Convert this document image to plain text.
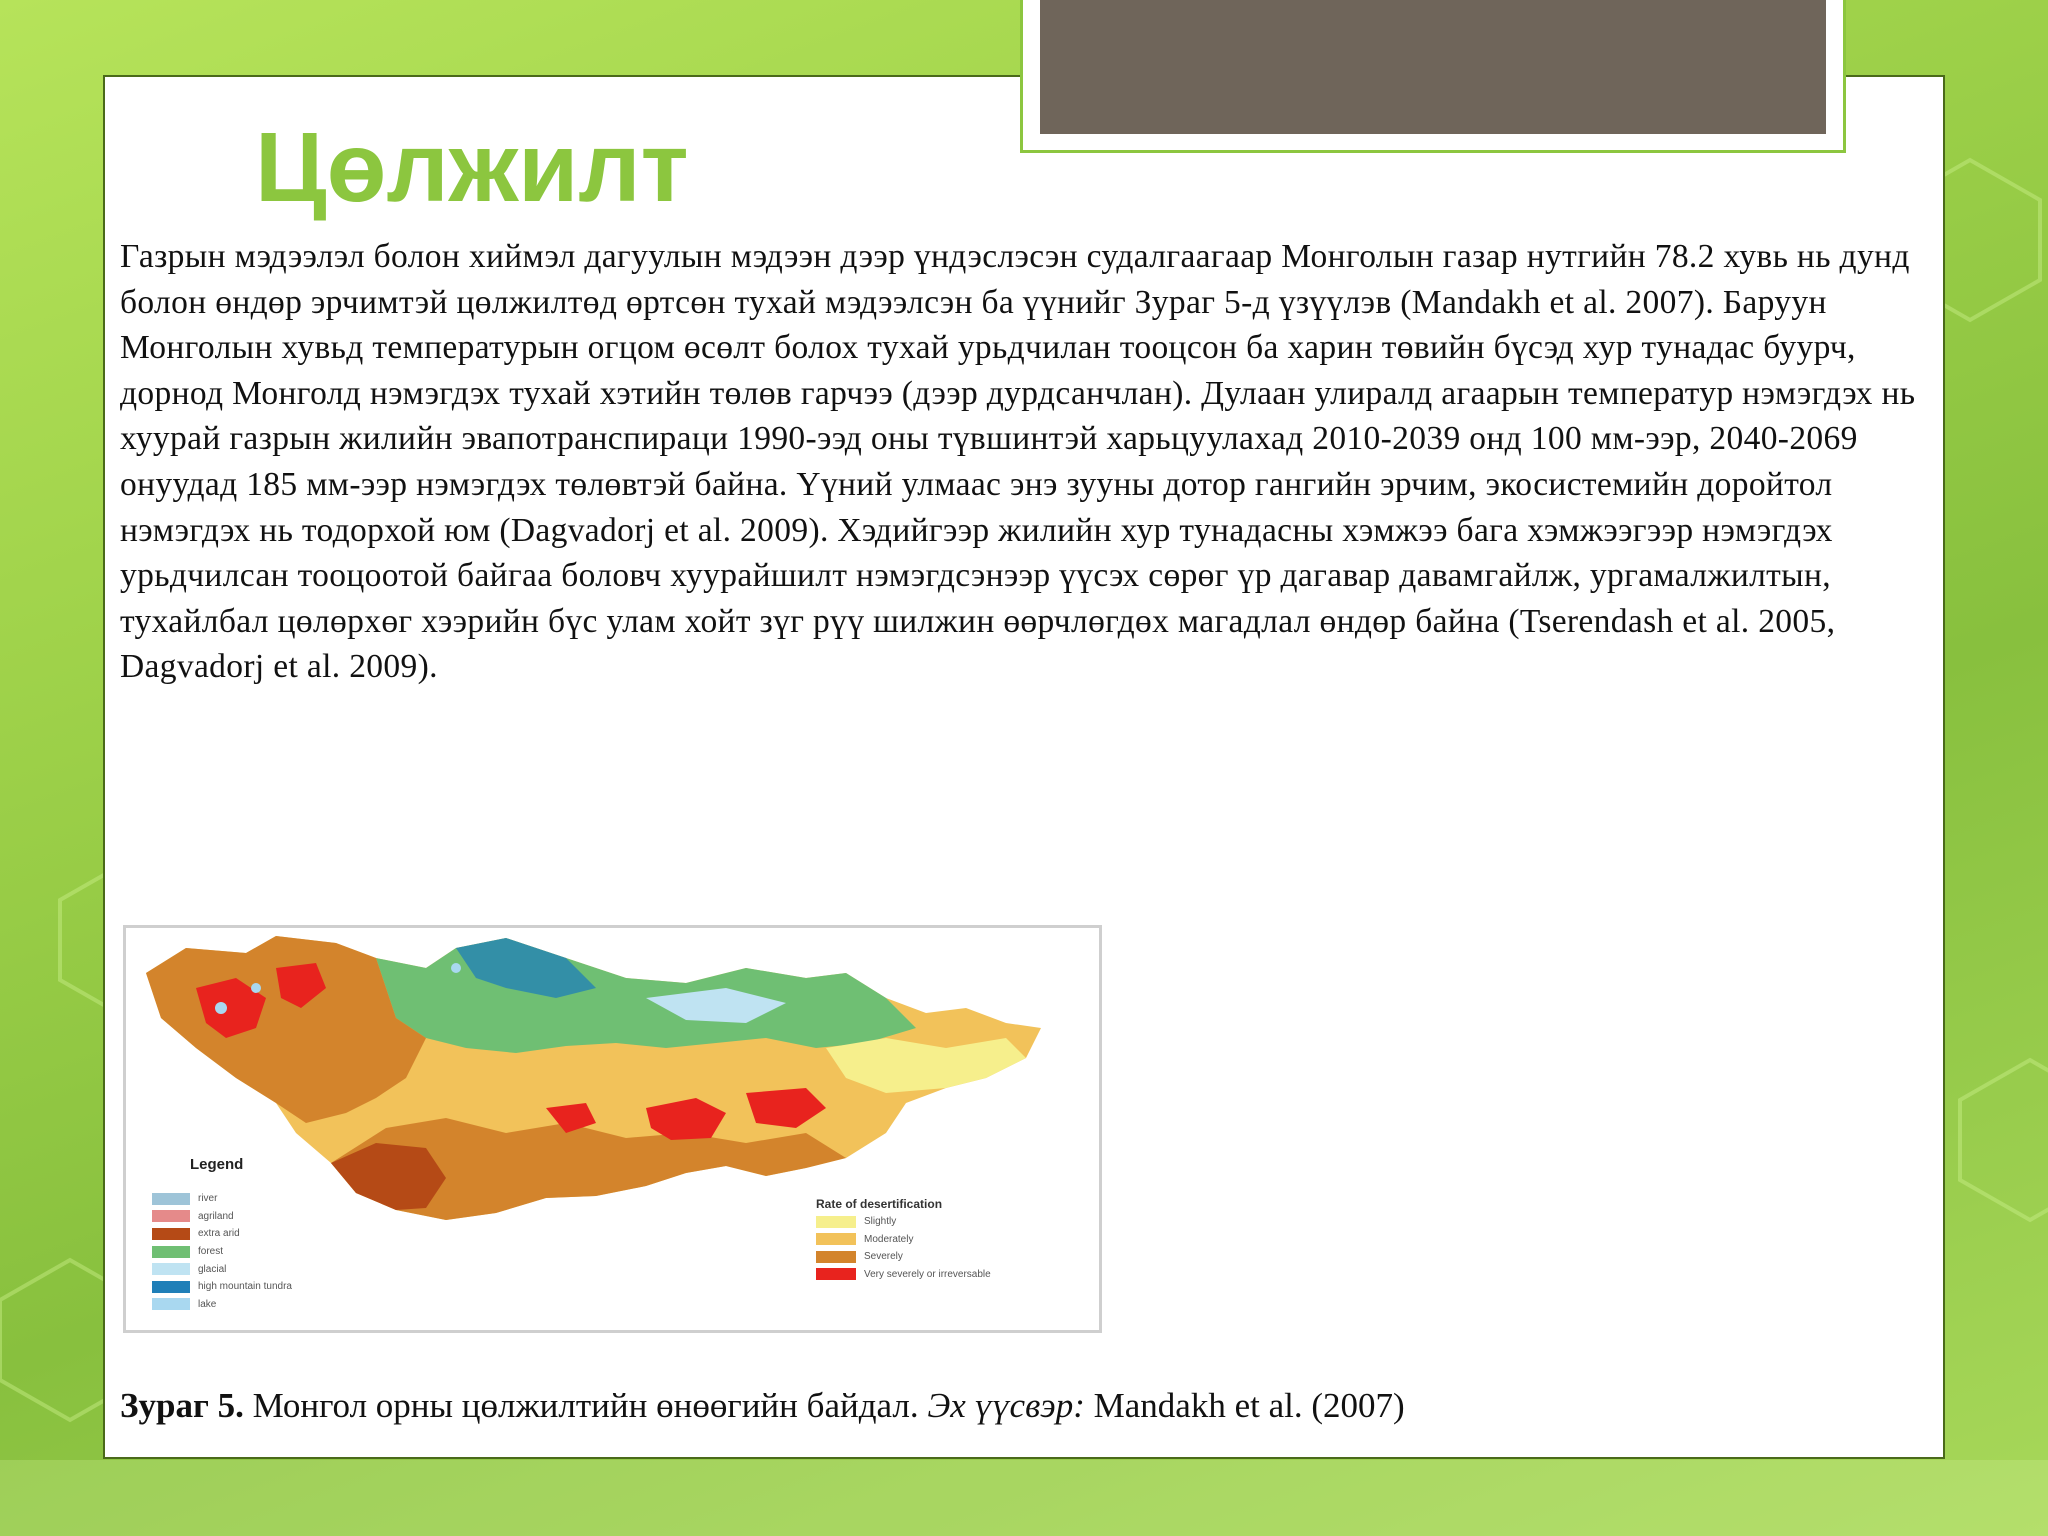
Цөлжилт

Газрын мэдээлэл болон хиймэл дагуулын мэдээн дээр үндэслэсэн судалгаагаар Монголын газар нутгийн 78.2 хувь нь дунд болон өндөр эрчимтэй цөлжилтөд өртсөн тухай мэдээлсэн ба үүнийг Зураг 5-д үзүүлэв (Mandakh et al. 2007). Баруун Монголын хувьд температурын огцом өсөлт болох тухай урьдчилан тооцсон ба харин төвийн бүсэд хур тунадас буурч, дорнод Монголд нэмэгдэх тухай хэтийн төлөв гарчээ (дээр дурдсанчлан). Дулаан улиралд агаарын температур нэмэгдэх нь хуурай газрын жилийн эвапотранспираци 1990-ээд оны түвшинтэй харьцуулахад 2010-2039 онд 100 мм-ээр, 2040-2069 онуудад 185 мм-ээр нэмэгдэх төлөвтэй байна. Үүний улмаас энэ зууны дотор гангийн эрчим, экосистемийн доройтол нэмэгдэх нь тодорхой юм (Dagvadorj et al. 2009). Хэдийгээр жилийн хур тунадасны хэмжээ бага хэмжээгээр нэмэгдэх урьдчилсан тооцоотой байгаа боловч хуурайшилт нэмэгдсэнээр үүсэх сөрөг үр дагавар давамгайлж, ургамалжилтын, тухайлбал цөлөрхөг хээрийн бүс улам хойт зүг рүү шилжин өөрчлөгдөх магадлал өндөр байна (Tserendash et al. 2005, Dagvadorj et al. 2009).

Legend
river
agriland
extra arid
forest
glacial
high mountain tundra
lake
Rate of desertification
Slightly
Moderately
Severely
Very severely or irreversable

Зураг 5. Монгол орны цөлжилтийн өнөөгийн байдал. Эх үүсвэр: Mandakh et al. (2007)
